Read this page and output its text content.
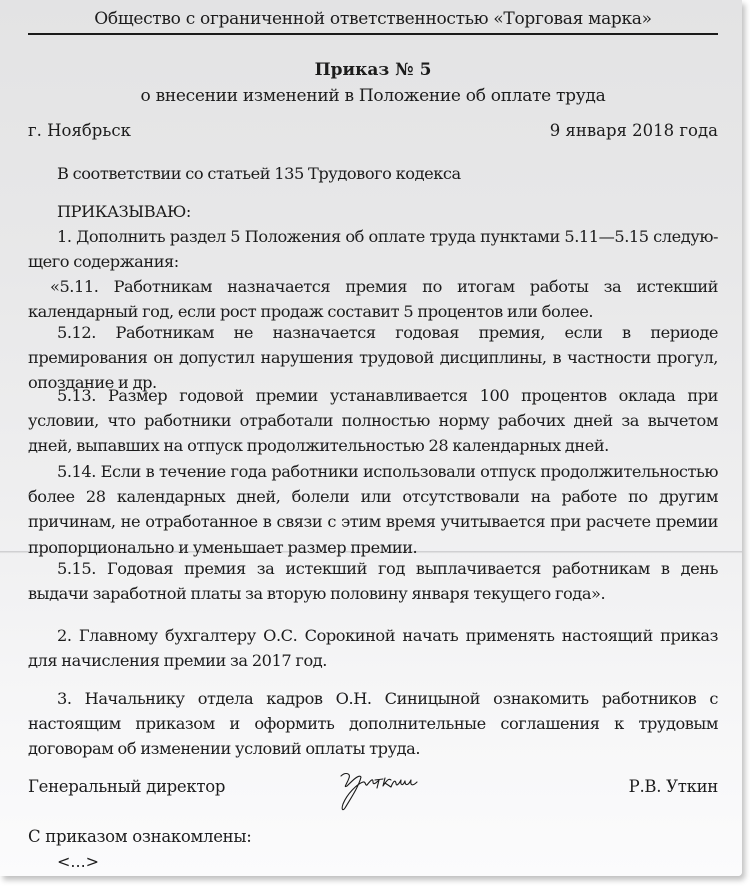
Общество с ограниченной ответственностью «Торговая марка»
Приказ № 5
о внесении изменений в Положение об оплате труда
г. Ноябрьск	9 января 2018 года
В соответствии со статьей 135 Трудового кодекса
ПРИКАЗЫВАЮ:
1. Дополнить раздел 5 Положения об оплате труда пунктами 5.11—5.15 следую-щего содержания:
«5.11. Работникам назначается премия по итогам работы за истекший календарный год, если рост продаж составит 5 процентов или более.
5.12. Работникам не назначается годовая премия, если в периоде премирования он допустил нарушения трудовой дисциплины, в частности прогул, опоздание и др.
5.13. Размер годовой премии устанавливается 100 процентов оклада при условии, что работники отработали полностью норму рабочих дней за вычетом дней, выпавших на отпуск продолжительностью 28 календарных дней.
5.14. Если в течение года работники использовали отпуск продолжительностью более 28 календарных дней, болели или отсутствовали на работе по другим причинам, не отработанное в связи с этим время учитывается при расчете премии пропорционально и уменьшает размер премии.
5.15. Годовая премия за истекший год выплачивается работникам в день выдачи заработной платы за вторую половину января текущего года».
2. Главному бухгалтеру О.С. Сорокиной начать применять настоящий приказ для начисления премии за 2017 год.
3. Начальнику отдела кадров О.Н. Синицыной ознакомить работников с настоящим приказом и оформить дополнительные соглашения к трудовым договорам об изменении условий оплаты труда.
Генеральный директор	Р.В. Уткин
С приказом ознакомлены:
<...>
